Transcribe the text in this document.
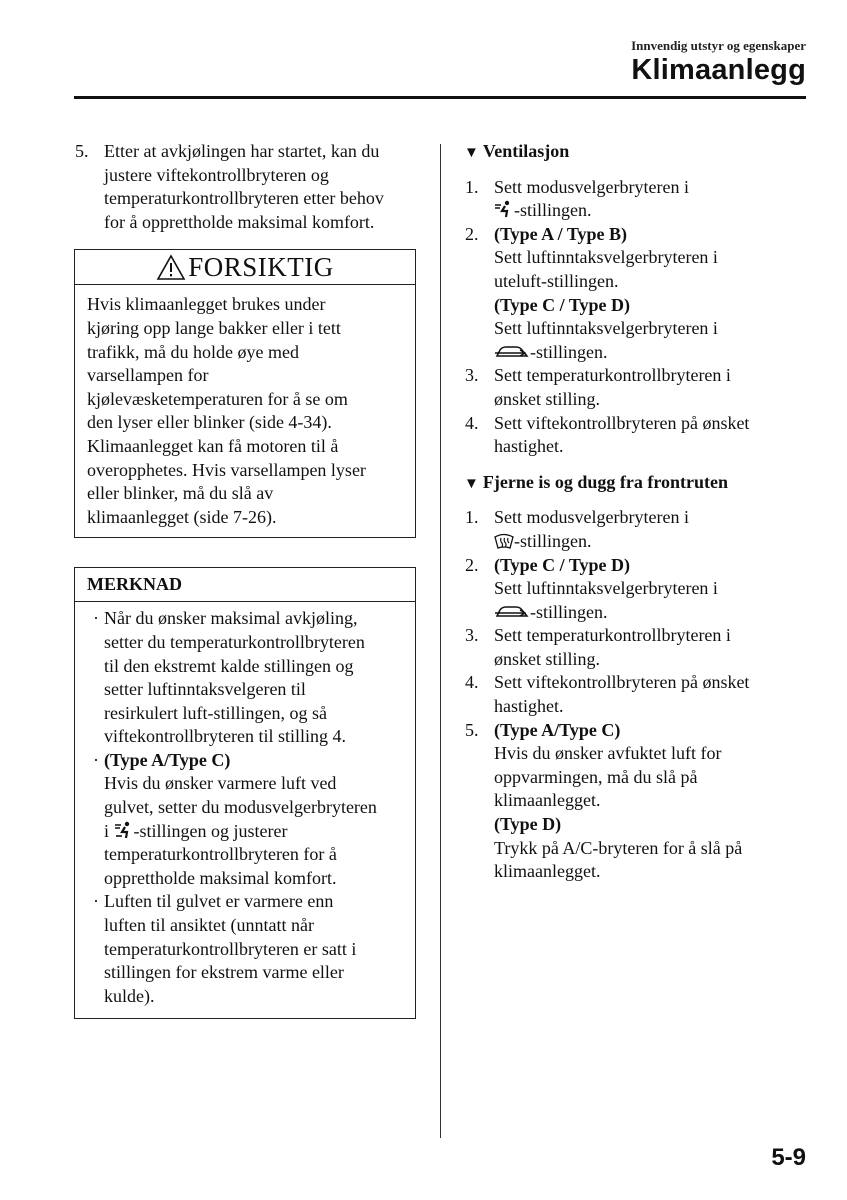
Innvendig utstyr og egenskaper
Klimaanlegg
5. Etter at avkjølingen har startet, kan du
justere viftekontrollbryteren og
temperaturkontrollbryteren etter behov
for å opprettholde maksimal komfort.
FORSIKTIG
Hvis klimaanlegget brukes under
kjøring opp lange bakker eller i tett
trafikk, må du holde øye med
varsellampen for
kjølevæsketemperaturen for å se om
den lyser eller blinker (side 4-34).
Klimaanlegget kan få motoren til å
overopphetes. Hvis varsellampen lyser
eller blinker, må du slå av
klimaanlegget (side 7-26).
MERKNAD
· Når du ønsker maksimal avkjøling,
setter du temperaturkontrollbryteren
til den ekstremt kalde stillingen og
setter luftinntaksvelgeren til
resirkulert luft-stillingen, og så
viftekontrollbryteren til stilling 4.
· (Type A/Type C)
Hvis du ønsker varmere luft ved
gulvet, setter du modusvelgerbryteren
i -stillingen og justerer
temperaturkontrollbryteren for å
opprettholde maksimal komfort.
· Luften til gulvet er varmere enn
luften til ansiktet (unntatt når
temperaturkontrollbryteren er satt i
stillingen for ekstrem varme eller
kulde).
▼ Ventilasjon
1. Sett modusvelgerbryteren i
-stillingen.
2. (Type A / Type B)
Sett luftinntaksvelgerbryteren i
uteluft-stillingen.
(Type C / Type D)
Sett luftinntaksvelgerbryteren i
-stillingen.
3. Sett temperaturkontrollbryteren i
ønsket stilling.
4. Sett viftekontrollbryteren på ønsket
hastighet.
▼ Fjerne is og dugg fra frontruten
1. Sett modusvelgerbryteren i
-stillingen.
2. (Type C / Type D)
Sett luftinntaksvelgerbryteren i
-stillingen.
3. Sett temperaturkontrollbryteren i
ønsket stilling.
4. Sett viftekontrollbryteren på ønsket
hastighet.
5. (Type A/Type C)
Hvis du ønsker avfuktet luft for
oppvarmingen, må du slå på
klimaanlegget.
(Type D)
Trykk på A/C-bryteren for å slå på
klimaanlegget.
5-9
